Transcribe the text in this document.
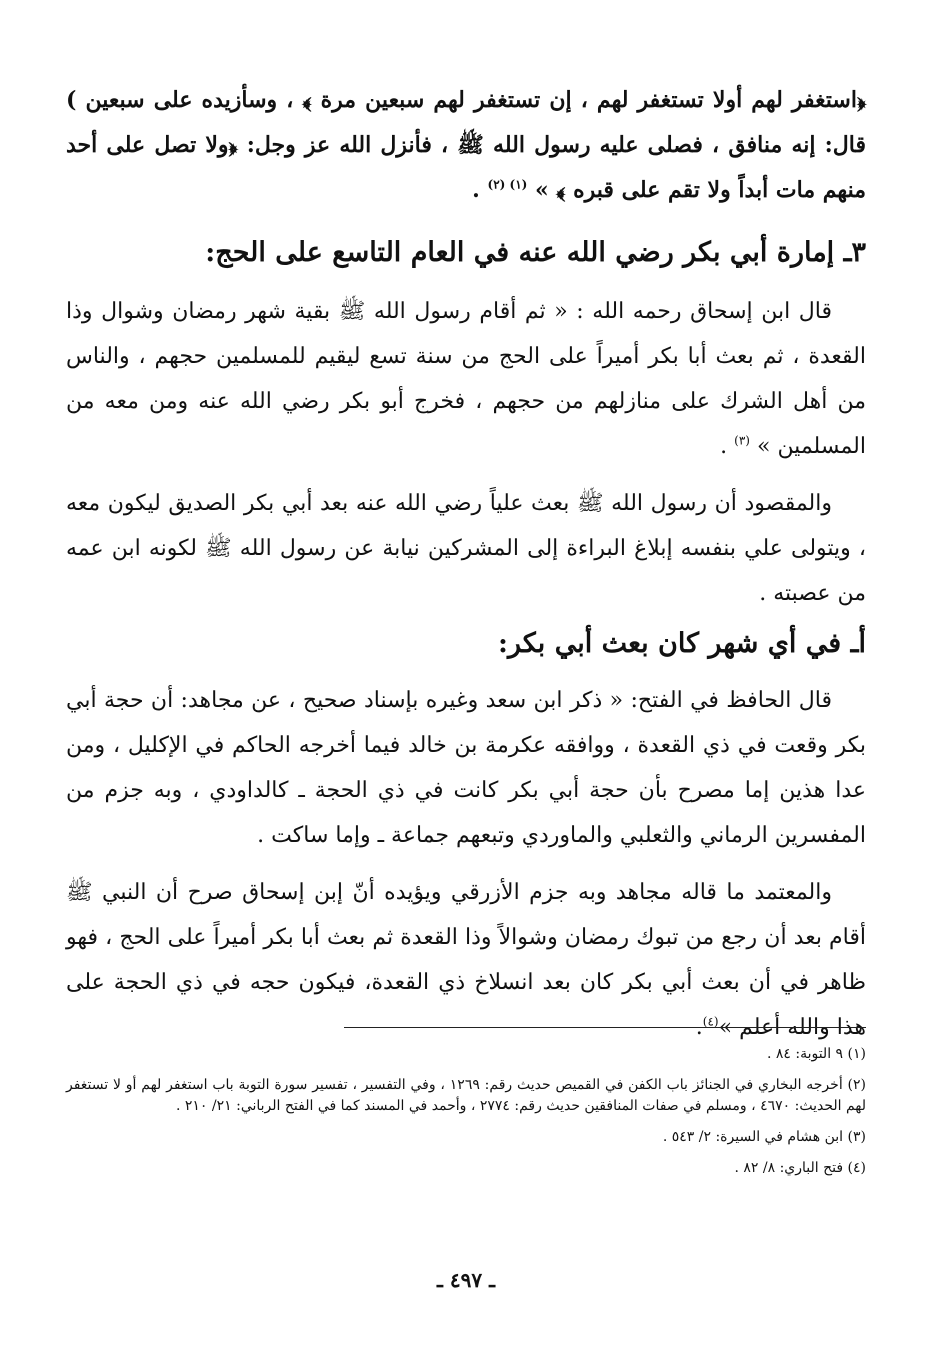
﴿استغفر لهم أولا تستغفر لهم ، إن تستغفر لهم سبعين مرة ﴾ ، وسأزيده على سبعين ) قال: إنه منافق ، فصلى عليه رسول الله ﷺ ، فأنزل الله عز وجل: ﴿ولا تصل على أحد منهم مات أبداً ولا تقم على قبره ﴾ » $^{(١) (٢)}$ .

٣ـ إمارة أبي بكر رضي الله عنه في العام التاسع على الحج:

قال ابن إسحاق رحمه الله : « ثم أقام رسول الله ﷺ بقية شهر رمضان وشوال وذا القعدة ، ثم بعث أبا بكر أميراً على الحج من سنة تسع ليقيم للمسلمين حجهم ، والناس من أهل الشرك على منازلهم من حجهم ، فخرج أبو بكر رضي الله عنه ومن معه من المسلمين » $^{(٣)}$ .

والمقصود أن رسول الله ﷺ بعث علياً رضي الله عنه بعد أبي بكر الصديق ليكون معه ، ويتولى علي بنفسه إبلاغ البراءة إلى المشركين نيابة عن رسول الله ﷺ لكونه ابن عمه من عصبته .

أـ في أي شهر كان بعث أبي بكر:

قال الحافظ في الفتح: « ذكر ابن سعد وغيره بإسناد صحيح ، عن مجاهد: أن حجة أبي بكر وقعت في ذي القعدة ، ووافقه عكرمة بن خالد فيما أخرجه الحاكم في الإكليل ، ومن عدا هذين إما مصرح بأن حجة أبي بكر كانت في ذي الحجة ـ كالداودي ، وبه جزم من المفسرين الرماني والثعلبي والماوردي وتبعهم جماعة ـ وإما ساكت .

والمعتمد ما قاله مجاهد وبه جزم الأزرقي ويؤيده أنّ إبن إسحاق صرح أن النبي ﷺ أقام بعد أن رجع من تبوك رمضان وشوالاً وذا القعدة ثم بعث أبا بكر أميراً على الحج ، فهو ظاهر في أن بعث أبي بكر كان بعد انسلاخ ذي القعدة، فيكون حجه في ذي الحجة على هذا والله أعلم »$^{(٤)}$.

(١) ٩ التوبة: ٨٤ .

(٢) أخرجه البخاري في الجنائز باب الكفن في القميص حديث رقم: ١٢٦٩ ، وفي التفسير ، تفسير سورة التوبة باب استغفر لهم أو لا تستغفر لهم الحديث: ٤٦٧٠ ، ومسلم في صفات المنافقين حديث رقم: ٢٧٧٤ ، وأحمد في المسند كما في الفتح الرباني: ٢١/ ٢١٠ .

(٣) ابن هشام في السيرة: ٢/ ٥٤٣ .

(٤) فتح الباري: ٨/ ٨٢ .

ـ ٤٩٧ ـ
